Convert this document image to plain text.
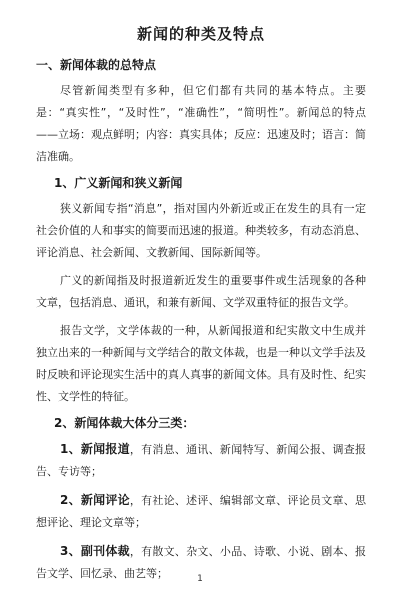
新闻的种类及特点
一、新闻体裁的总特点

尽管新闻类型有多种，但它们都有共同的基本特点。主要是：“真实性”，“及时性”，“准确性”，“简明性”。新闻总的特点——立场：观点鲜明；内容：真实具体；反应：迅速及时；语言：简洁准确。

1、广义新闻和狭义新闻

狭义新闻专指“消息”，指对国内外新近或正在发生的具有一定社会价值的人和事实的简要而迅速的报道。种类较多，有动态消息、评论消息、社会新闻、文教新闻、国际新闻等。

广义的新闻指及时报道新近发生的重要事件或生活现象的各种文章，包括消息、通讯，和兼有新闻、文学双重特征的报告文学。

报告文学，文学体裁的一种，从新闻报道和纪实散文中生成并独立出来的一种新闻与文学结合的散文体裁，也是一种以文学手法及时反映和评论现实生活中的真人真事的新闻文体。具有及时性、纪实性、文学性的特征。

2、新闻体裁大体分三类：

1、新闻报道，有消息、通讯、新闻特写、新闻公报、调查报告、专访等；

2、新闻评论，有社论、述评、编辑部文章、评论员文章、思想评论、理论文章等；

3、副刊体裁，有散文、杂文、小品、诗歌、小说、剧本、报告文学、回忆录、曲艺等；	1
